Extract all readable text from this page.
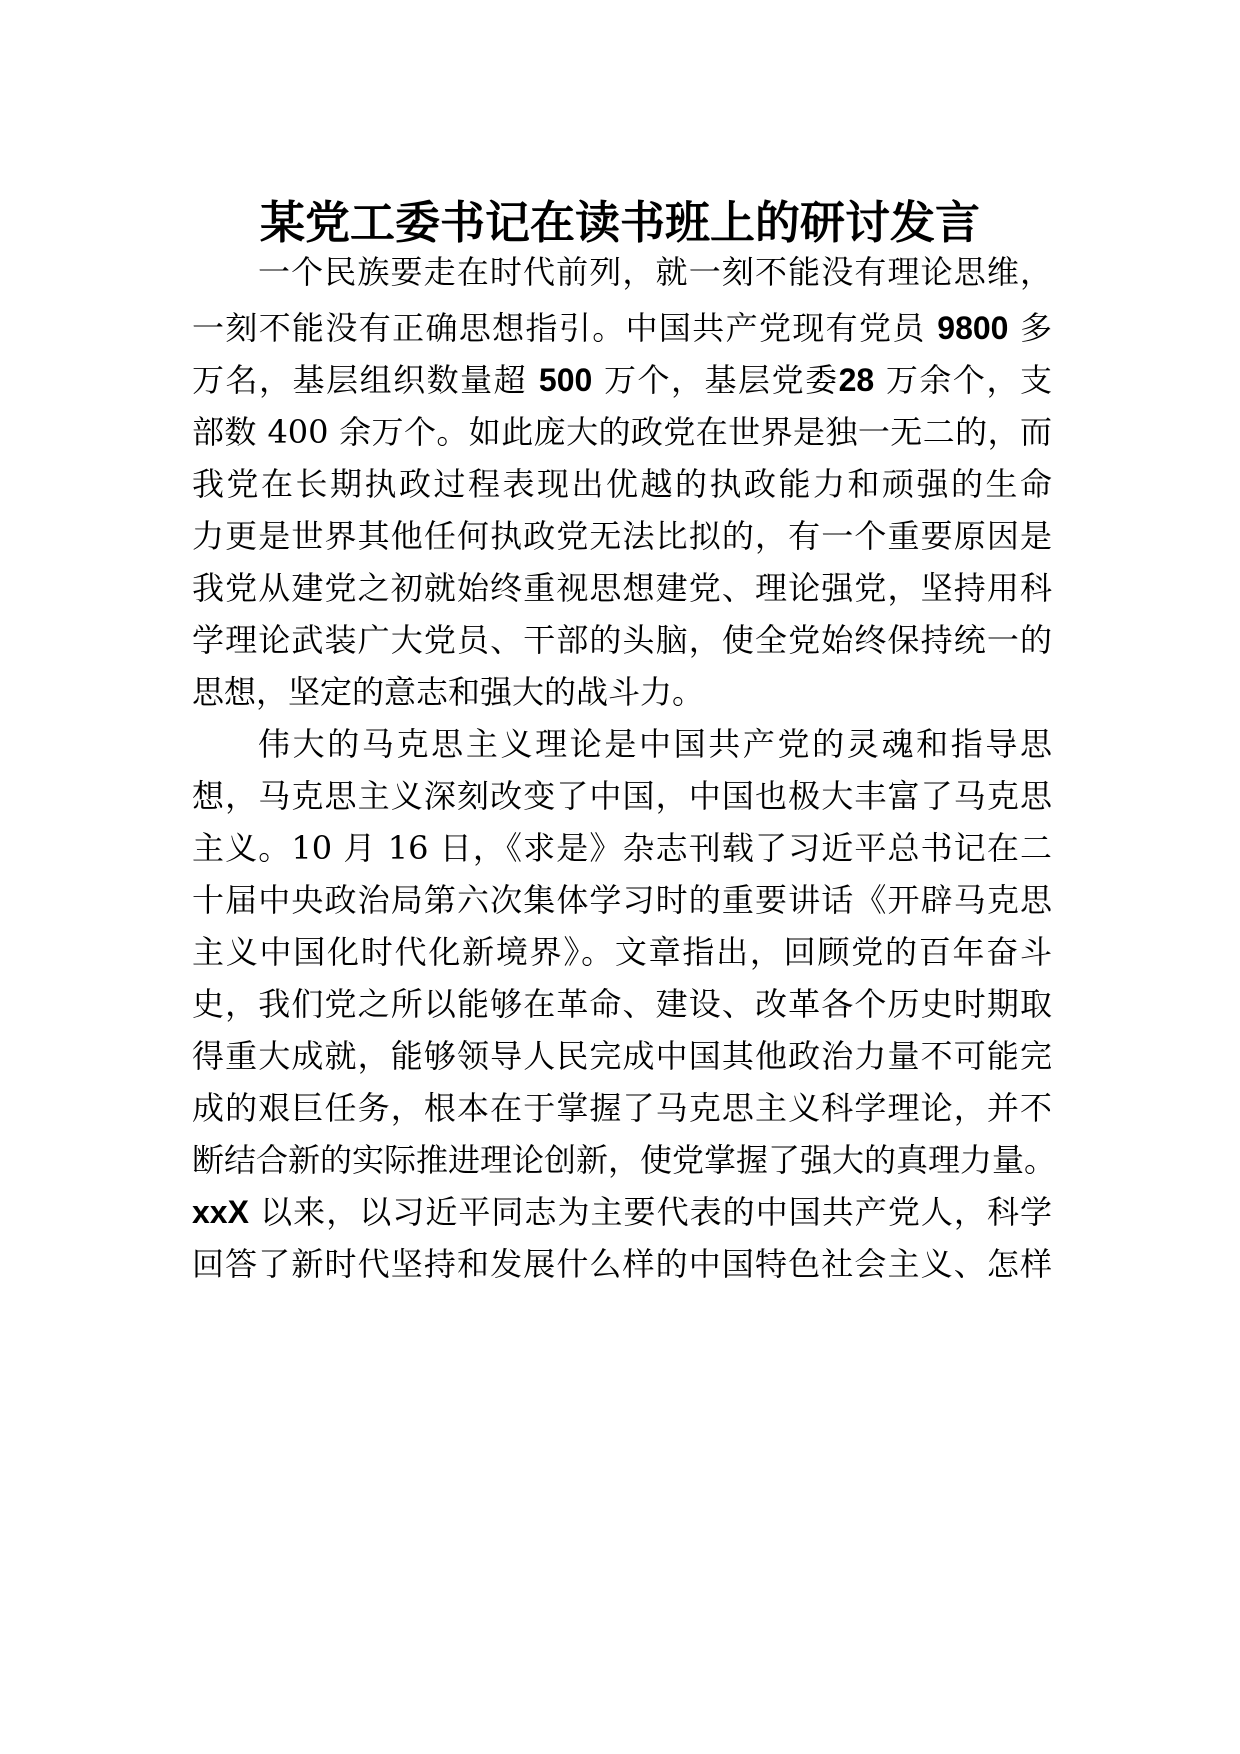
某党工委书记在读书班上的研讨发言
一个民族要走在时代前列，就一刻不能没有理论思维，
一刻不能没有正确思想指引。中国共产党现有党员 9800 多
万名，基层组织数量超 500 万个，基层党委28 万余个，支
部数 400 余万个。如此庞大的政党在世界是独一无二的，而
我党在长期执政过程表现出优越的执政能力和顽强的生命
力更是世界其他任何执政党无法比拟的，有一个重要原因是
我党从建党之初就始终重视思想建党、理论强党，坚持用科
学理论武装广大党员、干部的头脑，使全党始终保持统一的
思想，坚定的意志和强大的战斗力。
伟大的马克思主义理论是中国共产党的灵魂和指导思
想，马克思主义深刻改变了中国，中国也极大丰富了马克思
主义。10 月 16 日，《求是》杂志刊载了习近平总书记在二
十届中央政治局第六次集体学习时的重要讲话《开辟马克思
主义中国化时代化新境界》。文章指出，回顾党的百年奋斗
史，我们党之所以能够在革命、建设、改革各个历史时期取
得重大成就，能够领导人民完成中国其他政治力量不可能完
成的艰巨任务，根本在于掌握了马克思主义科学理论，并不
断结合新的实际推进理论创新，使党掌握了强大的真理力量。
xxX 以来，以习近平同志为主要代表的中国共产党人，科学
回答了新时代坚持和发展什么样的中国特色社会主义、怎样
